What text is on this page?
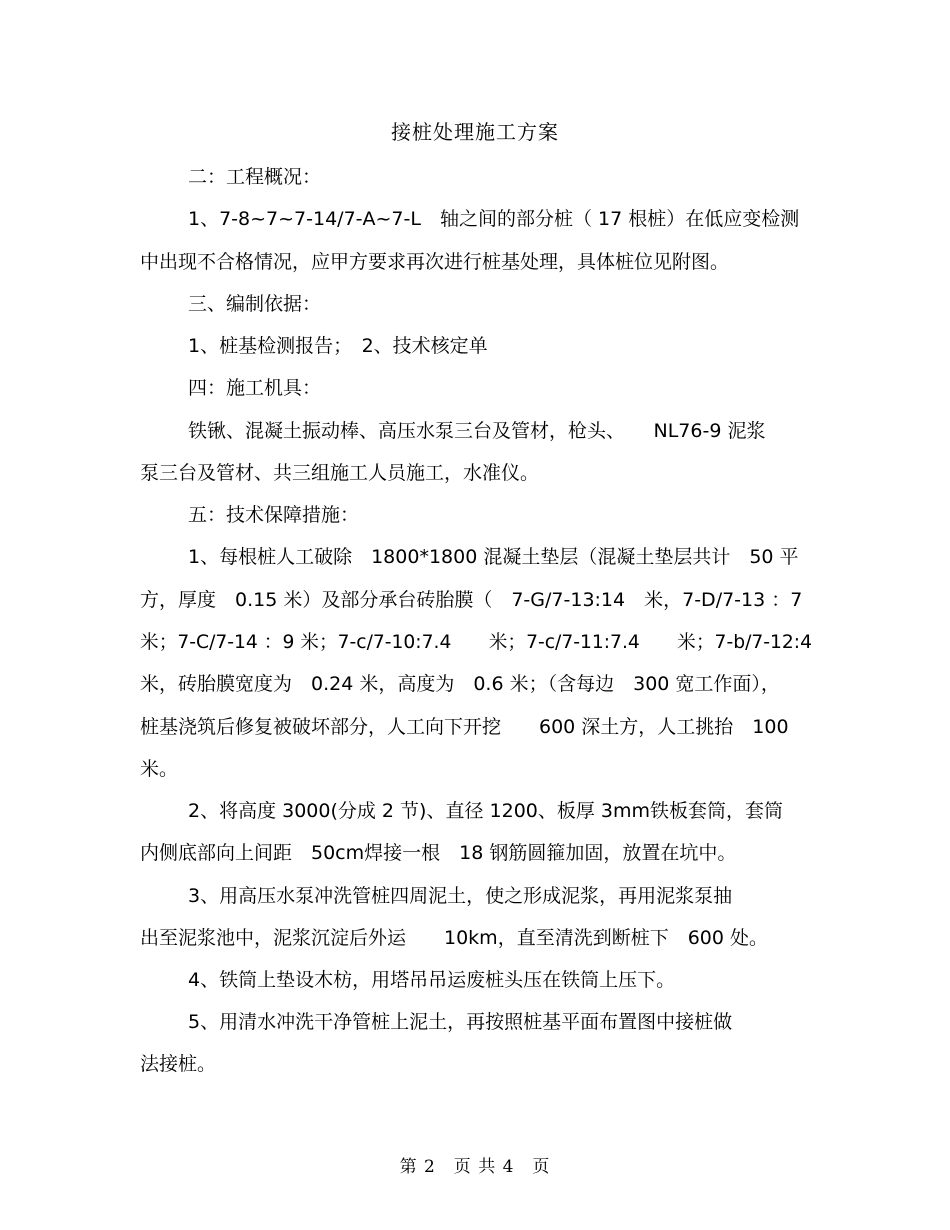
接桩处理施工方案
二：工程概况：
1、7-8~7~7-14/7-A~7-L　轴之间的部分桩（ 17 根桩）在低应变检测
中出现不合格情况，应甲方要求再次进行桩基处理，具体桩位见附图。
三、编制依据：
1、桩基检测报告；　2、技术核定单
四：施工机具：
铁锹、混凝土振动棒、高压水泵三台及管材，枪头、　　NL76-9 泥浆
泵三台及管材、共三组施工人员施工，水准仪。
五：技术保障措施：
1、每根桩人工破除　1800*1800 混凝土垫层（混凝土垫层共计　50 平
方，厚度　0.15 米）及部分承台砖胎膜（　7-G/7-13:14　米，7-D/7-13 ：7
米；7-C/7-14 ：9 米；7-c/7-10:7.4　　米；7-c/7-11:7.4　　米；7-b/7-12:4
米，砖胎膜宽度为　0.24 米，高度为　0.6 米；（含每边　300 宽工作面），
桩基浇筑后修复被破坏部分，人工向下开挖　　600 深土方，人工挑抬　100
米。
2、将高度 3000(分成 2 节)、直径 1200、板厚 3mm铁板套筒，套筒
内侧底部向上间距　50cm焊接一根　18 钢筋圆箍加固，放置在坑中。
3、用高压水泵冲洗管桩四周泥土，使之形成泥浆，再用泥浆泵抽
出至泥浆池中，泥浆沉淀后外运　　10km，直至清洗到断桩下　600 处。
4、铁筒上垫设木枋，用塔吊吊运废桩头压在铁筒上压下。
5、用清水冲洗干净管桩上泥土，再按照桩基平面布置图中接桩做
法接桩。
第 2　页 共 4　页
